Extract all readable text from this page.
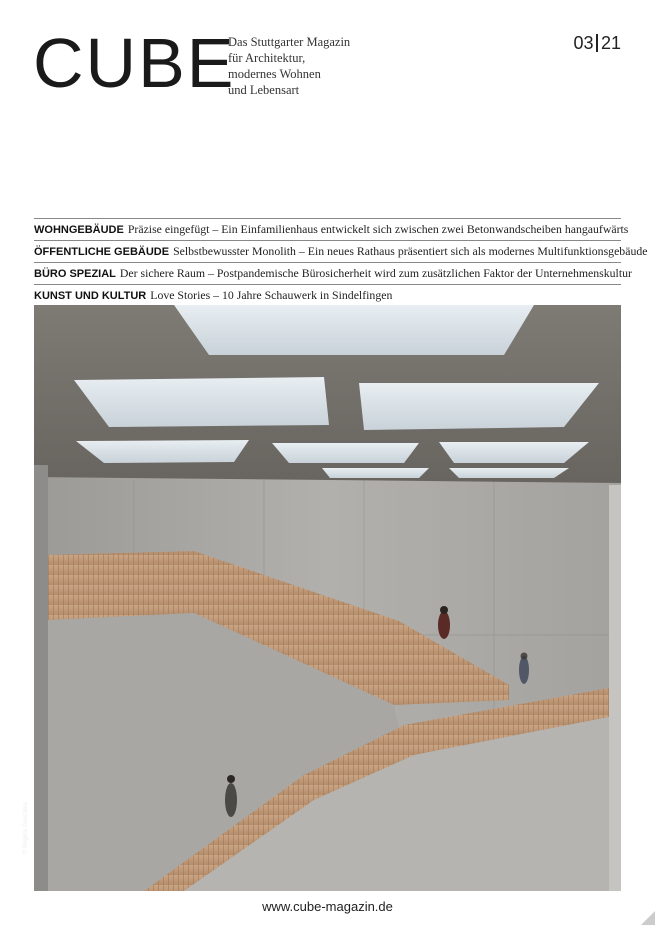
CUBE
Das Stuttgarter Magazin
für Architektur,
modernes Wohnen
und Lebensart
03 21
WOHNGEBÄUDE Präzise eingefügt – Ein Einfamilienhaus entwickelt sich zwischen zwei Betonwandscheiben hangaufwärts
ÖFFENTLICHE GEBÄUDE Selbstbewusster Monolith – Ein neues Rathaus präsentiert sich als modernes Multifunktionsgebäude
BÜRO SPEZIAL Der sichere Raum – Postpandemische Bürosicherheit wird zum zusätzlichen Faktor der Unternehmenskultur
KUNST UND KULTUR Love Stories – 10 Jahre Schauwerk in Sindelfingen
© Brigida González
www.cube-magazin.de
